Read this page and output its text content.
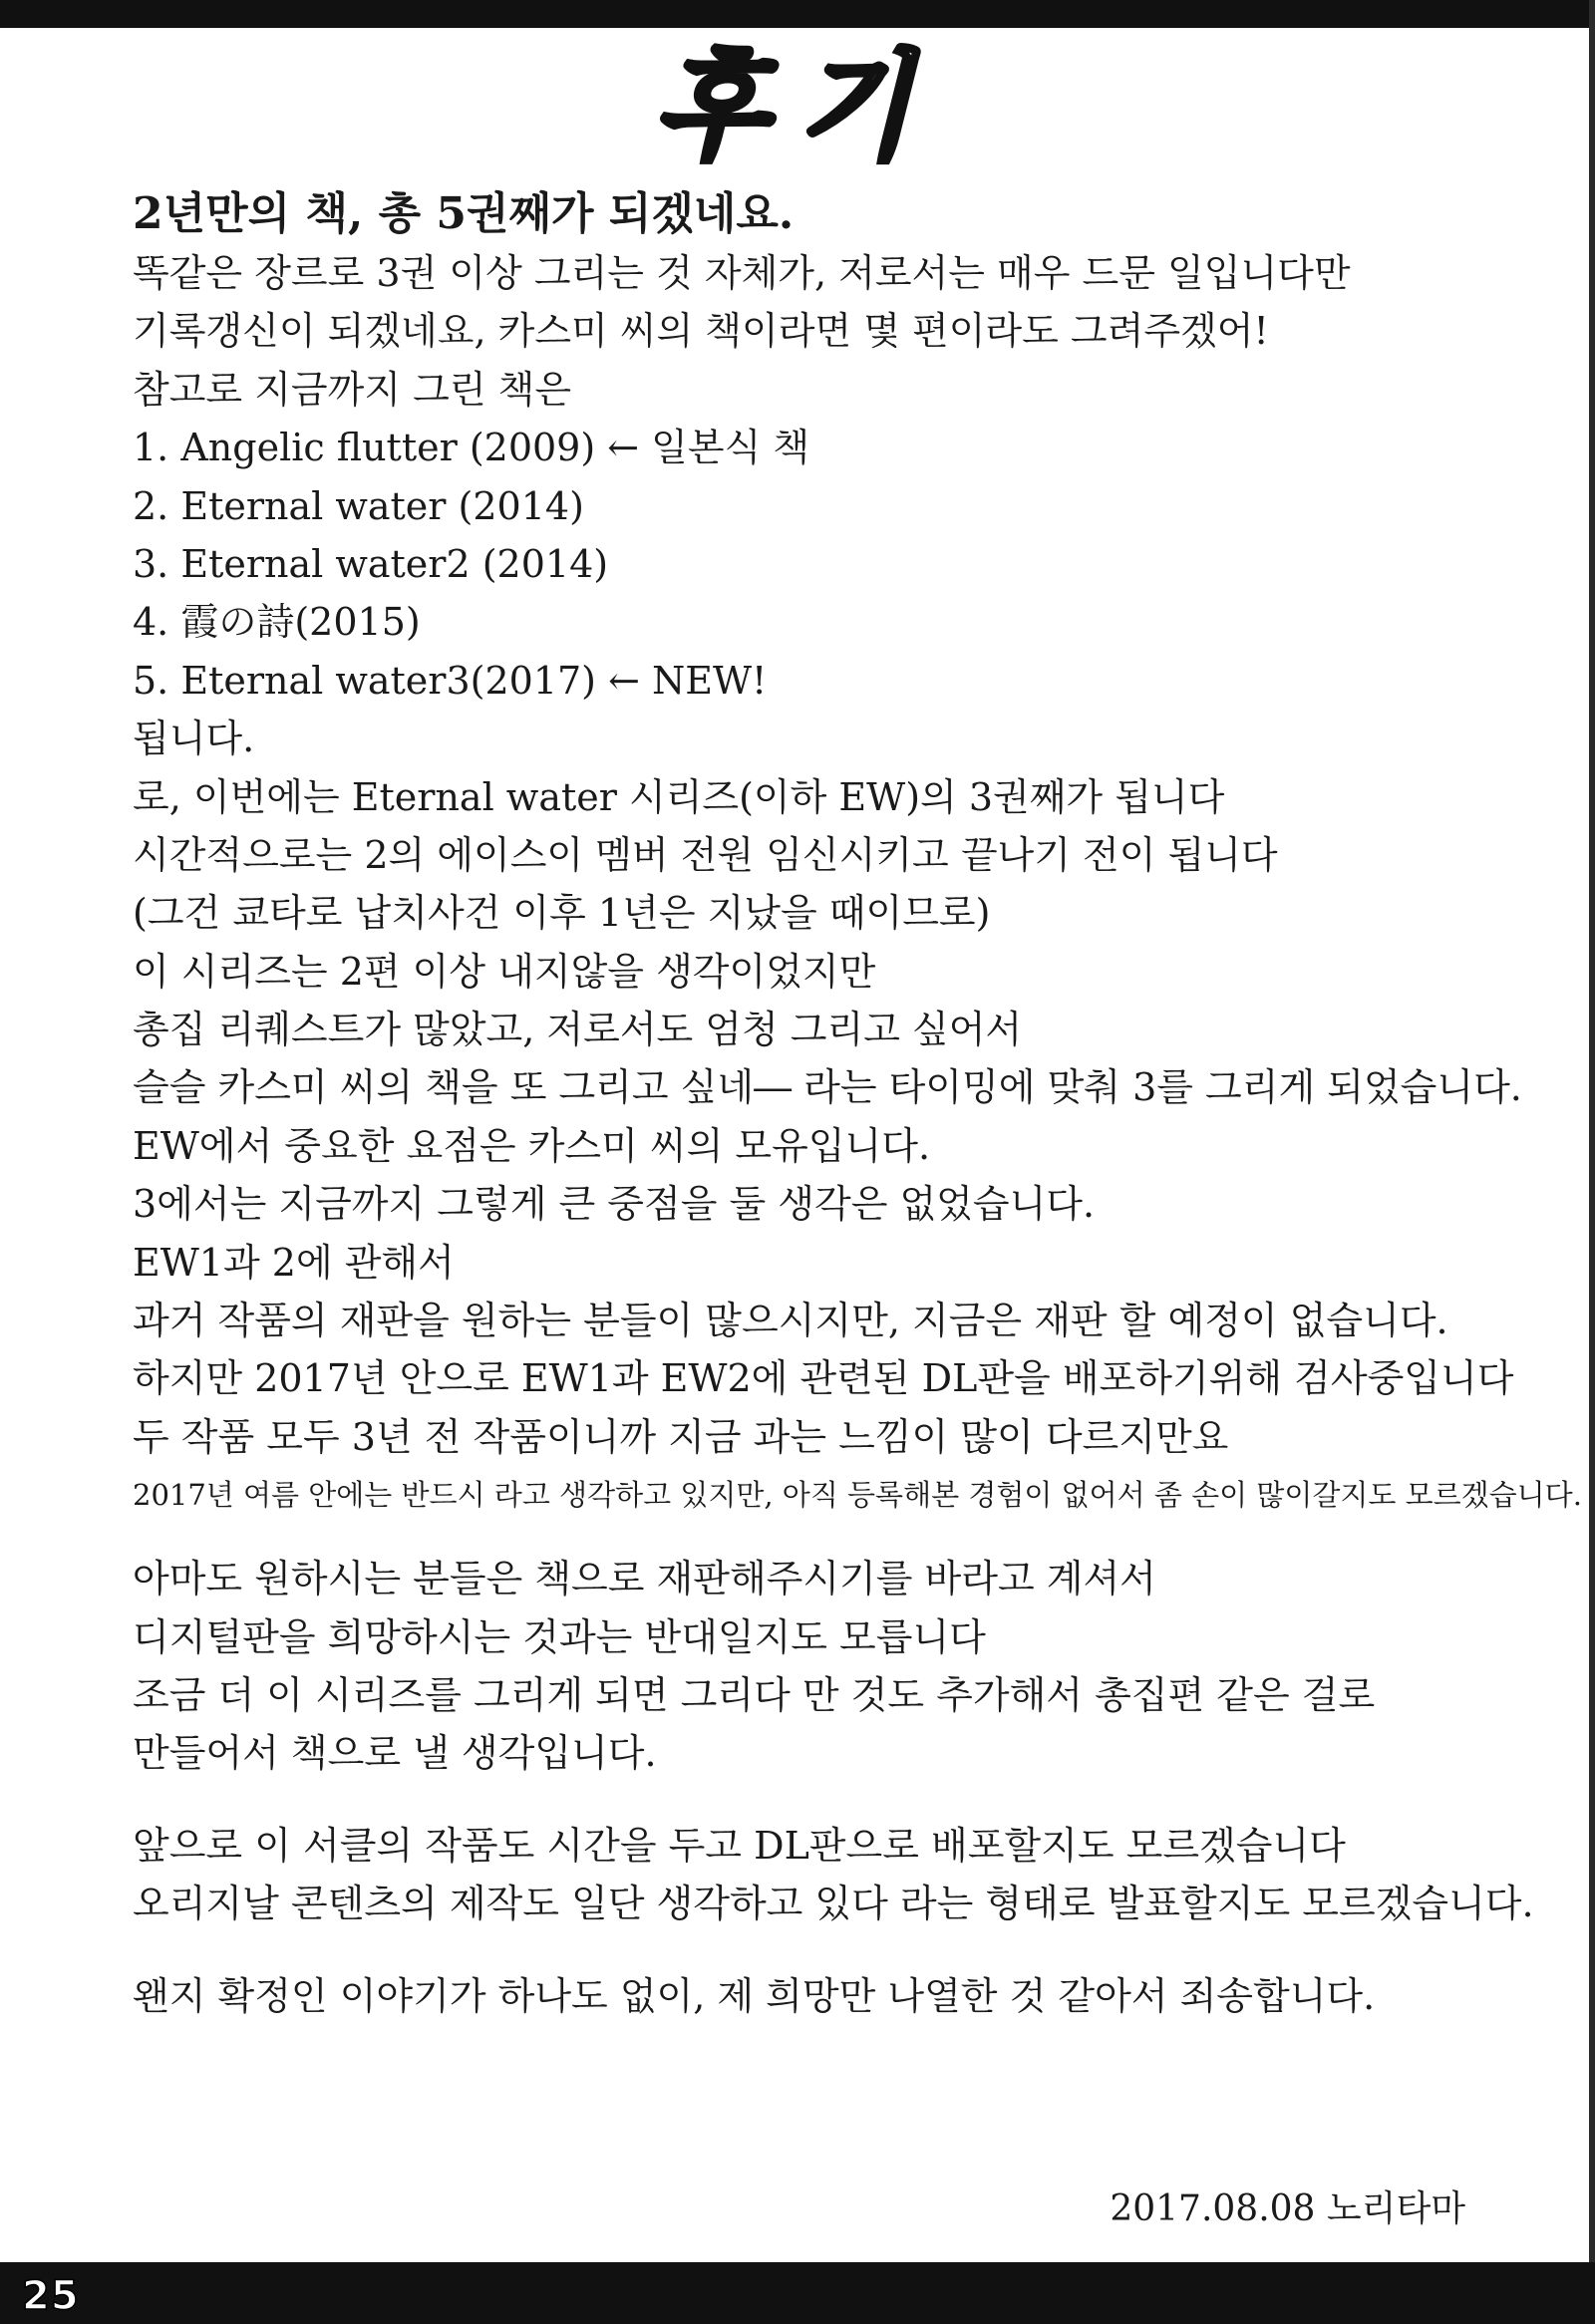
후기
2년만의 책, 총 5권째가 되겠네요.
똑같은 장르로 3권 이상 그리는 것 자체가, 저로서는 매우 드문 일입니다만
기록갱신이 되겠네요, 카스미 씨의 책이라면 몇 편이라도 그려주겠어!
참고로 지금까지 그린 책은
1. Angelic flutter (2009) ← 일본식 책
2. Eternal water (2014)
3. Eternal water2 (2014)
4. 霞の詩(2015)
5. Eternal water3(2017) ← NEW!
됩니다.
로, 이번에는 Eternal water 시리즈(이하 EW)의 3권째가 됩니다
시간적으로는 2의 에이스이 멤버 전원 임신시키고 끝나기 전이 됩니다
(그건 쿄타로 납치사건 이후 1년은 지났을 때이므로)
이 시리즈는 2편 이상 내지않을 생각이었지만
총집 리퀘스트가 많았고, 저로서도 엄청 그리고 싶어서
슬슬 카스미 씨의 책을 또 그리고 싶네― 라는 타이밍에 맞춰 3를 그리게 되었습니다.
EW에서 중요한 요점은 카스미 씨의 모유입니다.
3에서는 지금까지 그렇게 큰 중점을 둘 생각은 없었습니다.
EW1과 2에 관해서
과거 작품의 재판을 원하는 분들이 많으시지만, 지금은 재판 할 예정이 없습니다.
하지만 2017년 안으로 EW1과 EW2에 관련된 DL판을 배포하기위해 검사중입니다
두 작품 모두 3년 전 작품이니까 지금 과는 느낌이 많이 다르지만요
2017년 여름 안에는 반드시 라고 생각하고 있지만, 아직 등록해본 경험이 없어서 좀 손이 많이갈지도 모르겠습니다.
아마도 원하시는 분들은 책으로 재판해주시기를 바라고 계셔서
디지털판을 희망하시는 것과는 반대일지도 모릅니다
조금 더 이 시리즈를 그리게 되면 그리다 만 것도 추가해서 총집편 같은 걸로
만들어서 책으로 낼 생각입니다.
앞으로 이 서클의 작품도 시간을 두고 DL판으로 배포할지도 모르겠습니다
오리지날 콘텐츠의 제작도 일단 생각하고 있다 라는 형태로 발표할지도 모르겠습니다.
왠지 확정인 이야기가 하나도 없이, 제 희망만 나열한 것 같아서 죄송합니다.
2017.08.08 노리타마
25
